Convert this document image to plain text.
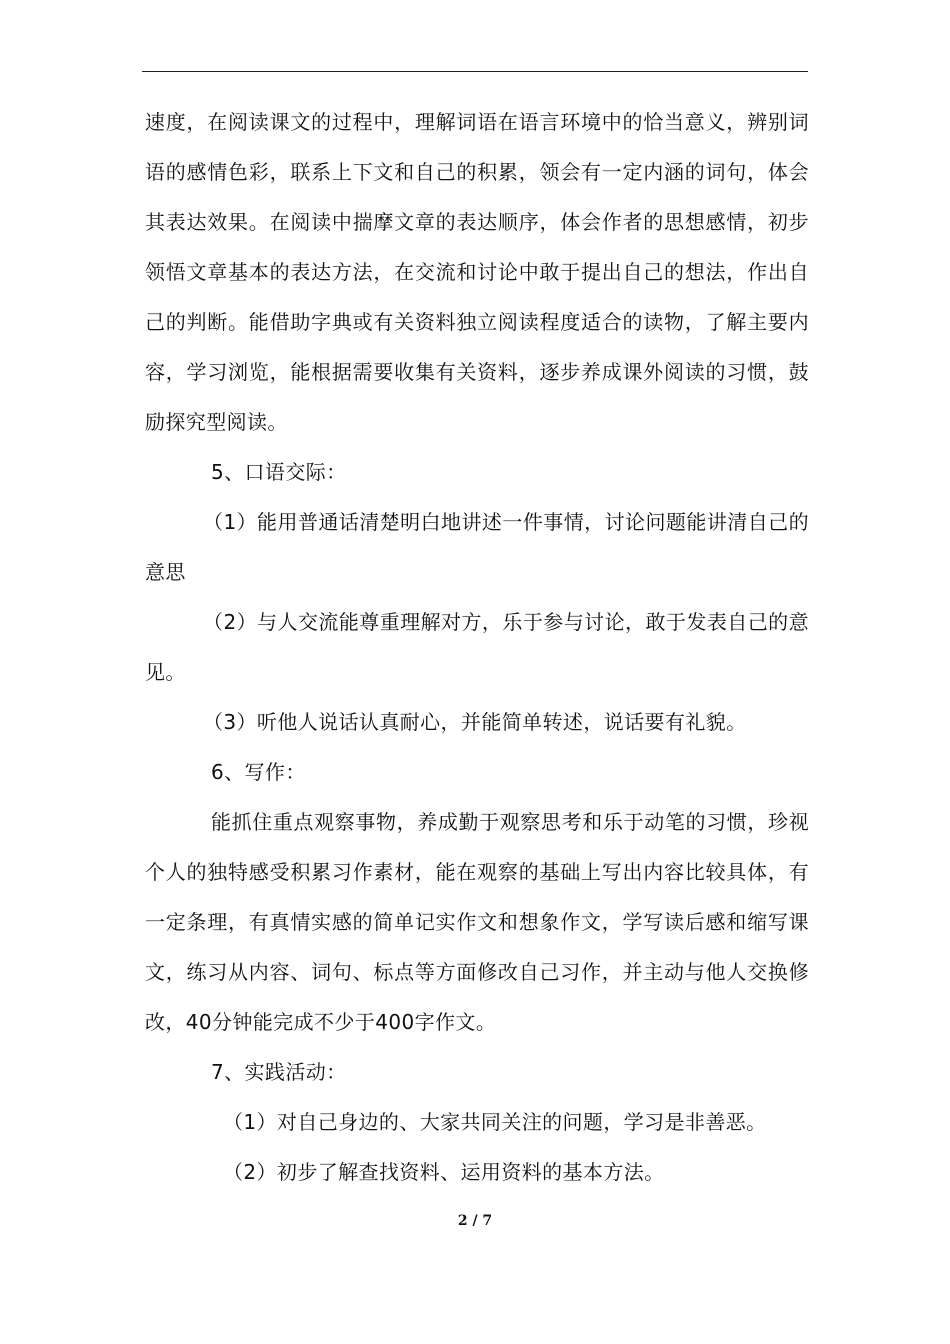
速度，在阅读课文的过程中，理解词语在语言环境中的恰当意义，辨别词语的感情色彩，联系上下文和自己的积累，领会有一定内涵的词句，体会其表达效果。在阅读中揣摩文章的表达顺序，体会作者的思想感情，初步领悟文章基本的表达方法，在交流和讨论中敢于提出自己的想法，作出自己的判断。能借助字典或有关资料独立阅读程度适合的读物，了解主要内容，学习浏览，能根据需要收集有关资料，逐步养成课外阅读的习惯，鼓励探究型阅读。

5、口语交际：

（1）能用普通话清楚明白地讲述一件事情，讨论问题能讲清自己的意思

（2）与人交流能尊重理解对方，乐于参与讨论，敢于发表自己的意见。

（3）听他人说话认真耐心，并能简单转述，说话要有礼貌。

6、写作：

能抓住重点观察事物，养成勤于观察思考和乐于动笔的习惯，珍视个人的独特感受积累习作素材，能在观察的基础上写出内容比较具体，有一定条理，有真情实感的简单记实作文和想象作文，学写读后感和缩写课文，练习从内容、词句、标点等方面修改自己习作，并主动与他人交换修改，40分钟能完成不少于400字作文。

7、实践活动：

（1）对自己身边的、大家共同关注的问题，学习是非善恶。

（2）初步了解查找资料、运用资料的基本方法。

2 / 7
